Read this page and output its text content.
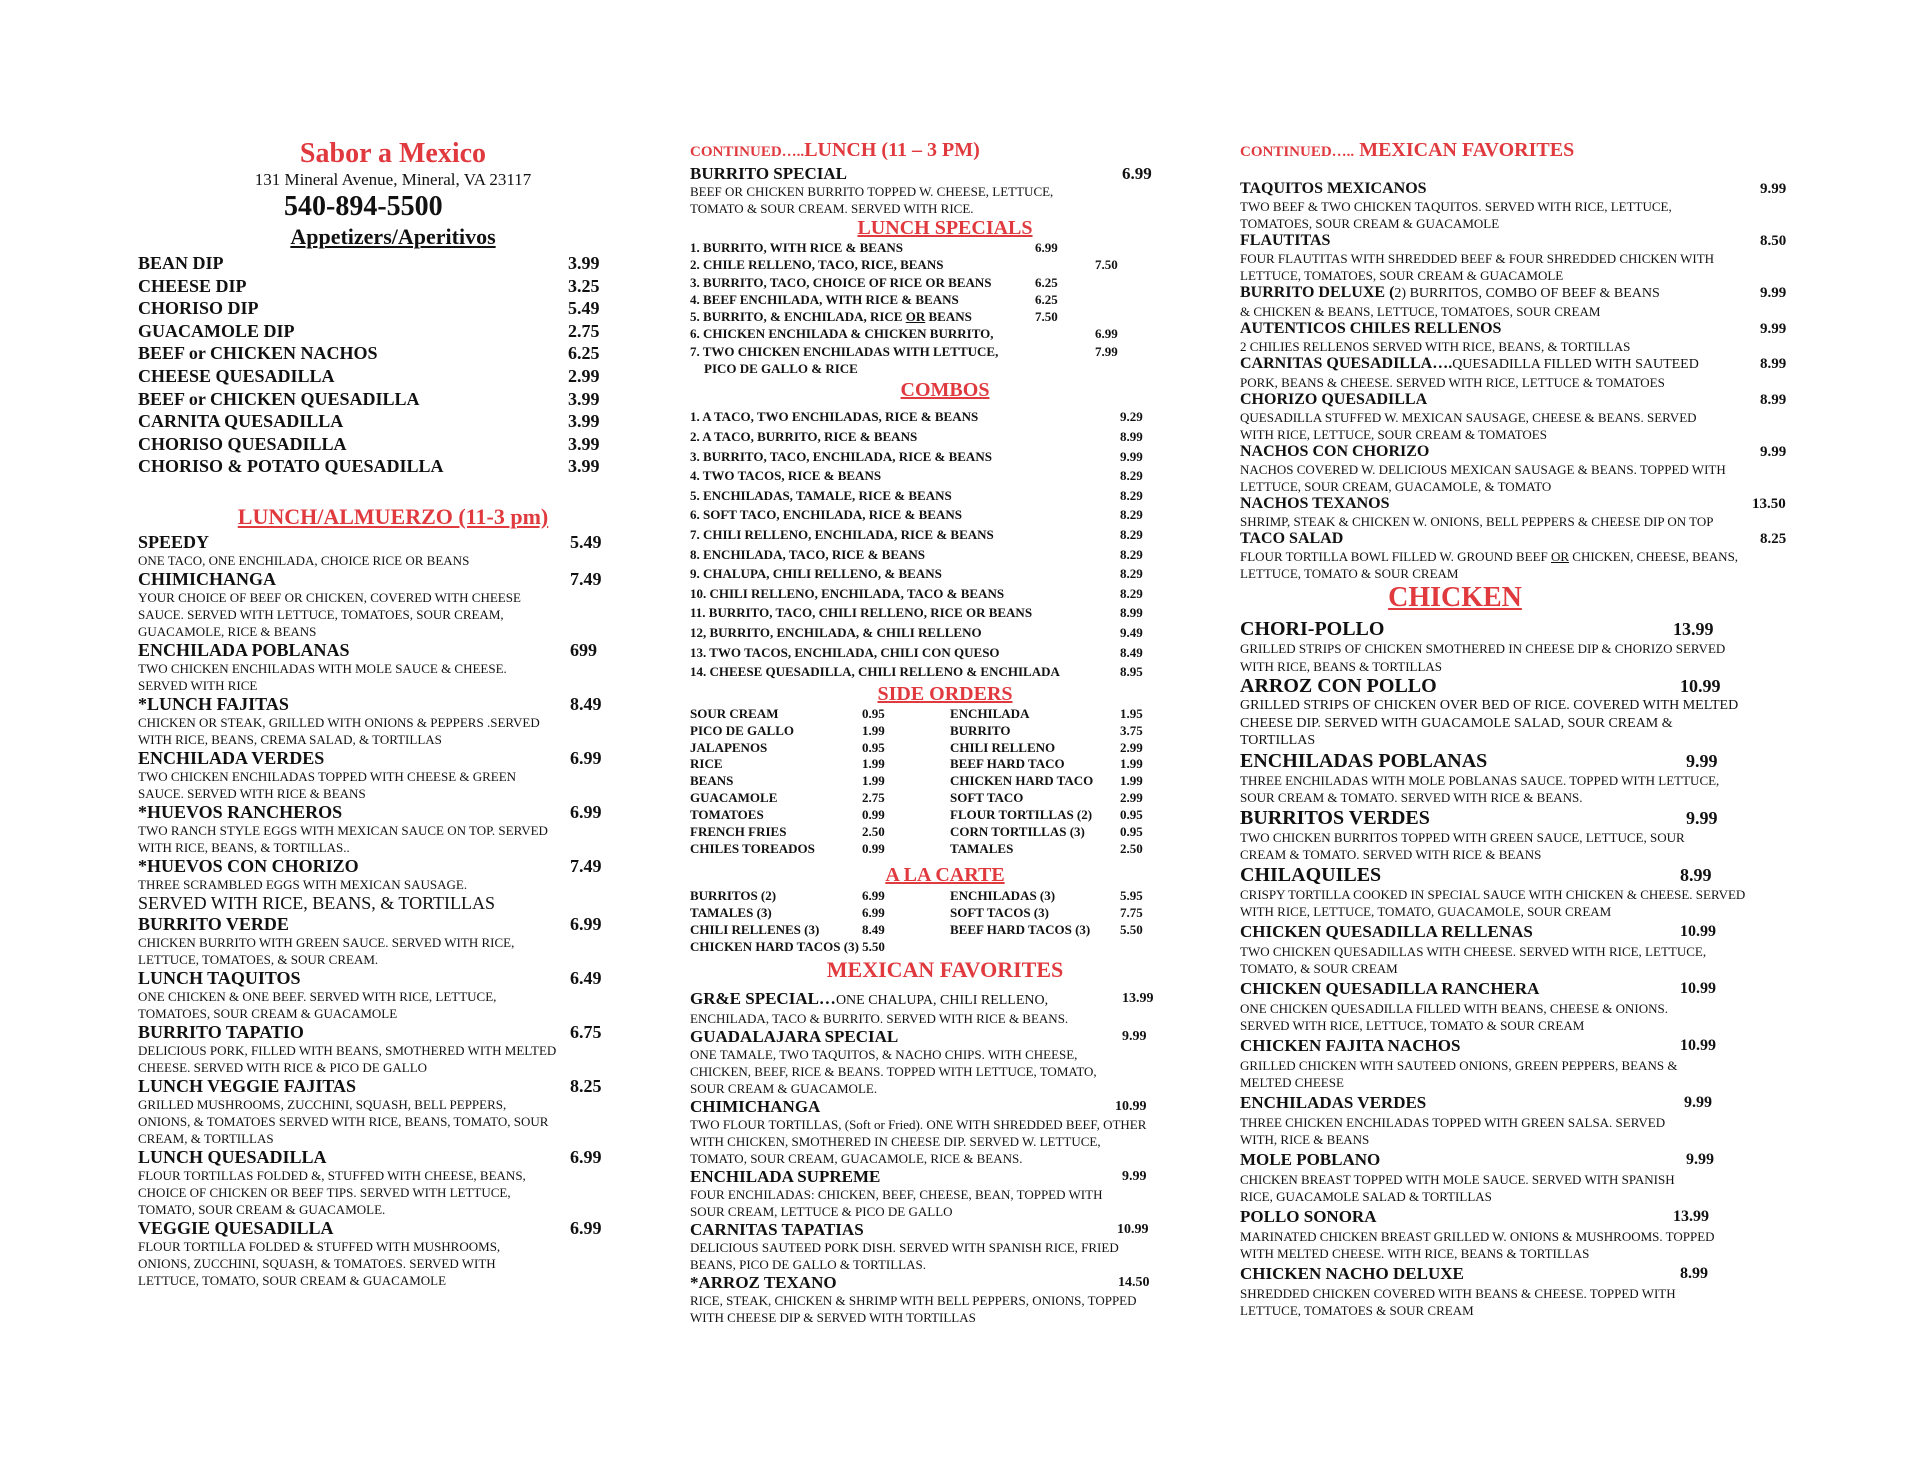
Sabor a Mexico
131 Mineral Avenue, Mineral, VA 23117
540-894-5500
Appetizers/Aperitivos
BEAN DIP	3.99
CHEESE DIP	3.25
CHORISO DIP	5.49
GUACAMOLE DIP	2.75
BEEF or CHICKEN NACHOS	6.25
CHEESE QUESADILLA	2.99
BEEF or CHICKEN QUESADILLA	3.99
CARNITA QUESADILLA	3.99
CHORISO QUESADILLA	3.99
CHORISO & POTATO QUESADILLA	3.99
LUNCH/ALMUERZO (11-3 pm)
SPEEDY	5.49
ONE TACO, ONE ENCHILADA, CHOICE RICE OR BEANS
CHIMICHANGA	7.49
YOUR CHOICE OF BEEF OR CHICKEN, COVERED WITH CHEESE SAUCE. SERVED WITH LETTUCE, TOMATOES, SOUR CREAM, GUACAMOLE, RICE & BEANS
ENCHILADA POBLANAS	699
TWO CHICKEN ENCHILADAS WITH MOLE SAUCE & CHEESE. SERVED WITH RICE
*LUNCH FAJITAS	8.49
CHICKEN OR STEAK, GRILLED WITH ONIONS & PEPPERS .SERVED WITH RICE, BEANS, CREMA SALAD, & TORTILLAS
ENCHILADA VERDES	6.99
TWO CHICKEN ENCHILADAS TOPPED WITH CHEESE & GREEN SAUCE. SERVED WITH RICE & BEANS
*HUEVOS RANCHEROS	6.99
TWO RANCH STYLE EGGS WITH MEXICAN SAUCE ON TOP. SERVED WITH RICE, BEANS, & TORTILLAS..
*HUEVOS CON CHORIZO	7.49
THREE SCRAMBLED EGGS WITH MEXICAN SAUSAGE.
SERVED WITH RICE, BEANS, & TORTILLAS
BURRITO VERDE	6.99
CHICKEN BURRITO WITH GREEN SAUCE. SERVED WITH RICE, LETTUCE, TOMATOES, & SOUR CREAM.
LUNCH TAQUITOS	6.49
ONE CHICKEN & ONE BEEF. SERVED WITH RICE, LETTUCE, TOMATOES, SOUR CREAM & GUACAMOLE
BURRITO TAPATIO	6.75
DELICIOUS PORK, FILLED WITH BEANS, SMOTHERED WITH MELTED CHEESE. SERVED WITH RICE & PICO DE GALLO
LUNCH VEGGIE FAJITAS	8.25
GRILLED MUSHROOMS, ZUCCHINI, SQUASH, BELL PEPPERS, ONIONS, & TOMATOES SERVED WITH RICE, BEANS, TOMATO, SOUR CREAM, & TORTILLAS
LUNCH QUESADILLA	6.99
FLOUR TORTILLAS FOLDED &, STUFFED WITH CHEESE, BEANS, CHOICE OF CHICKEN OR BEEF TIPS. SERVED WITH LETTUCE, TOMATO, SOUR CREAM & GUACAMOLE.
VEGGIE QUESADILLA	6.99
FLOUR TORTILLA FOLDED & STUFFED WITH MUSHROOMS, ONIONS, ZUCCHINI, SQUASH, & TOMATOES. SERVED WITH LETTUCE, TOMATO, SOUR CREAM & GUACAMOLE
CONTINUED…..LUNCH (11 – 3 PM)
BURRITO SPECIAL	6.99
BEEF OR CHICKEN BURRITO TOPPED W. CHEESE, LETTUCE, TOMATO & SOUR CREAM. SERVED WITH RICE.
LUNCH SPECIALS
1. BURRITO, WITH RICE & BEANS	6.99
2. CHILE RELLENO, TACO, RICE, BEANS	7.50
3. BURRITO, TACO, CHOICE OF RICE OR BEANS	6.25
4. BEEF ENCHILADA, WITH RICE & BEANS	6.25
5. BURRITO, & ENCHILADA, RICE OR BEANS	7.50
6. CHICKEN ENCHILADA & CHICKEN BURRITO,	6.99
7. TWO CHICKEN ENCHILADAS WITH LETTUCE,	7.99
PICO DE GALLO & RICE
COMBOS
1. A TACO, TWO ENCHILADAS, RICE & BEANS	9.29
2. A TACO, BURRITO, RICE & BEANS	8.99
3. BURRITO, TACO, ENCHILADA, RICE & BEANS	9.99
4. TWO TACOS, RICE & BEANS	8.29
5. ENCHILADAS, TAMALE, RICE & BEANS	8.29
6. SOFT TACO, ENCHILADA, RICE & BEANS	8.29
7. CHILI RELLENO, ENCHILADA, RICE & BEANS	8.29
8. ENCHILADA, TACO, RICE & BEANS	8.29
9. CHALUPA, CHILI RELLENO, & BEANS	8.29
10. CHILI RELLENO, ENCHILADA, TACO & BEANS	8.29
11. BURRITO, TACO, CHILI RELLENO, RICE OR BEANS	8.99
12, BURRITO, ENCHILADA, & CHILI RELLENO	9.49
13. TWO TACOS, ENCHILADA, CHILI CON QUESO	8.49
14. CHEESE QUESADILLA, CHILI RELLENO & ENCHILADA	8.95
SIDE ORDERS
SOUR CREAM	0.95	ENCHILADA	1.95
PICO DE GALLO	1.99	BURRITO	3.75
JALAPENOS	0.95	CHILI RELLENO	2.99
RICE	1.99	BEEF HARD TACO	1.99
BEANS	1.99	CHICKEN HARD TACO	1.99
GUACAMOLE	2.75	SOFT TACO	2.99
TOMATOES	0.99	FLOUR TORTILLAS (2)	0.95
FRENCH FRIES	2.50	CORN TORTILLAS (3)	0.95
CHILES TOREADOS	0.99	TAMALES	2.50
A LA CARTE
BURRITOS (2)	6.99	ENCHILADAS (3)	5.95
TAMALES (3)	6.99	SOFT TACOS (3)	7.75
CHILI RELLENES (3)	8.49	BEEF HARD TACOS (3)	5.50
CHICKEN HARD TACOS (3) 5.50
MEXICAN FAVORITES
GR&E SPECIAL…ONE CHALUPA, CHILI RELLENO,	13.99
ENCHILADA, TACO & BURRITO. SERVED WITH RICE & BEANS.
GUADALAJARA SPECIAL	9.99
ONE TAMALE, TWO TAQUITOS, & NACHO CHIPS. WITH CHEESE, CHICKEN, BEEF, RICE & BEANS. TOPPED WITH LETTUCE, TOMATO, SOUR CREAM & GUACAMOLE.
CHIMICHANGA	10.99
TWO FLOUR TORTILLAS, (Soft or Fried). ONE WITH SHREDDED BEEF, OTHER WITH CHICKEN, SMOTHERED IN CHEESE DIP. SERVED W. LETTUCE, TOMATO, SOUR CREAM, GUACAMOLE, RICE & BEANS.
ENCHILADA SUPREME	9.99
FOUR ENCHILADAS: CHICKEN, BEEF, CHEESE, BEAN, TOPPED WITH SOUR CREAM, LETTUCE & PICO DE GALLO
CARNITAS TAPATIAS	10.99
DELICIOUS SAUTEED PORK DISH. SERVED WITH SPANISH RICE, FRIED BEANS, PICO DE GALLO & TORTILLAS.
*ARROZ TEXANO	14.50
RICE, STEAK, CHICKEN & SHRIMP WITH BELL PEPPERS, ONIONS, TOPPED WITH CHEESE DIP & SERVED WITH TORTILLAS
CONTINUED….. MEXICAN FAVORITES
TAQUITOS MEXICANOS	9.99
TWO BEEF & TWO CHICKEN TAQUITOS. SERVED WITH RICE, LETTUCE, TOMATOES, SOUR CREAM & GUACAMOLE
FLAUTITAS	8.50
FOUR FLAUTITAS WITH SHREDDED BEEF & FOUR SHREDDED CHICKEN WITH LETTUCE, TOMATOES, SOUR CREAM & GUACAMOLE
BURRITO DELUXE (2) BURRITOS, COMBO OF BEEF & BEANS	9.99
& CHICKEN & BEANS, LETTUCE, TOMATOES, SOUR CREAM
AUTENTICOS CHILES RELLENOS	9.99
2 CHILIES RELLENOS SERVED WITH RICE, BEANS, & TORTILLAS
CARNITAS QUESADILLA….QUESADILLA FILLED WITH SAUTEED	8.99
PORK, BEANS & CHEESE. SERVED WITH RICE, LETTUCE & TOMATOES
CHORIZO QUESADILLA	8.99
QUESADILLA STUFFED W. MEXICAN SAUSAGE, CHEESE & BEANS. SERVED WITH RICE, LETTUCE, SOUR CREAM & TOMATOES
NACHOS CON CHORIZO	9.99
NACHOS COVERED W. DELICIOUS MEXICAN SAUSAGE & BEANS. TOPPED WITH LETTUCE, SOUR CREAM, GUACAMOLE, & TOMATO
NACHOS TEXANOS	13.50
SHRIMP, STEAK & CHICKEN W. ONIONS, BELL PEPPERS & CHEESE DIP ON TOP
TACO SALAD	8.25
FLOUR TORTILLA BOWL FILLED W. GROUND BEEF OR CHICKEN, CHEESE, BEANS, LETTUCE, TOMATO & SOUR CREAM
CHICKEN
CHORI-POLLO	13.99
GRILLED STRIPS OF CHICKEN SMOTHERED IN CHEESE DIP & CHORIZO SERVED WITH RICE, BEANS & TORTILLAS
ARROZ CON POLLO	10.99
GRILLED STRIPS OF CHICKEN OVER BED OF RICE. COVERED WITH MELTED CHEESE DIP. SERVED WITH GUACAMOLE SALAD, SOUR CREAM & TORTILLAS
ENCHILADAS POBLANAS	9.99
THREE ENCHILADAS WITH MOLE POBLANAS SAUCE. TOPPED WITH LETTUCE, SOUR CREAM & TOMATO. SERVED WITH RICE & BEANS.
BURRITOS VERDES	9.99
TWO CHICKEN BURRITOS TOPPED WITH GREEN SAUCE, LETTUCE, SOUR CREAM & TOMATO. SERVED WITH RICE & BEANS
CHILAQUILES	8.99
CRISPY TORTILLA COOKED IN SPECIAL SAUCE WITH CHICKEN & CHEESE. SERVED WITH RICE, LETTUCE, TOMATO, GUACAMOLE, SOUR CREAM
CHICKEN QUESADILLA RELLENAS	10.99
TWO CHICKEN QUESADILLAS WITH CHEESE. SERVED WITH RICE, LETTUCE, TOMATO, & SOUR CREAM
CHICKEN QUESADILLA RANCHERA	10.99
ONE CHICKEN QUESADILLA FILLED WITH BEANS, CHEESE & ONIONS. SERVED WITH RICE, LETTUCE, TOMATO & SOUR CREAM
CHICKEN FAJITA NACHOS	10.99
GRILLED CHICKEN WITH SAUTEED ONIONS, GREEN PEPPERS, BEANS & MELTED CHEESE
ENCHILADAS VERDES	9.99
THREE CHICKEN ENCHILADAS TOPPED WITH GREEN SALSA. SERVED WITH, RICE & BEANS
MOLE POBLANO	9.99
CHICKEN BREAST TOPPED WITH MOLE SAUCE. SERVED WITH SPANISH RICE, GUACAMOLE SALAD & TORTILLAS
POLLO SONORA	13.99
MARINATED CHICKEN BREAST GRILLED W. ONIONS & MUSHROOMS. TOPPED WITH MELTED CHEESE. WITH RICE, BEANS & TORTILLAS
CHICKEN NACHO DELUXE	8.99
SHREDDED CHICKEN COVERED WITH BEANS & CHEESE. TOPPED WITH LETTUCE, TOMATOES & SOUR CREAM
